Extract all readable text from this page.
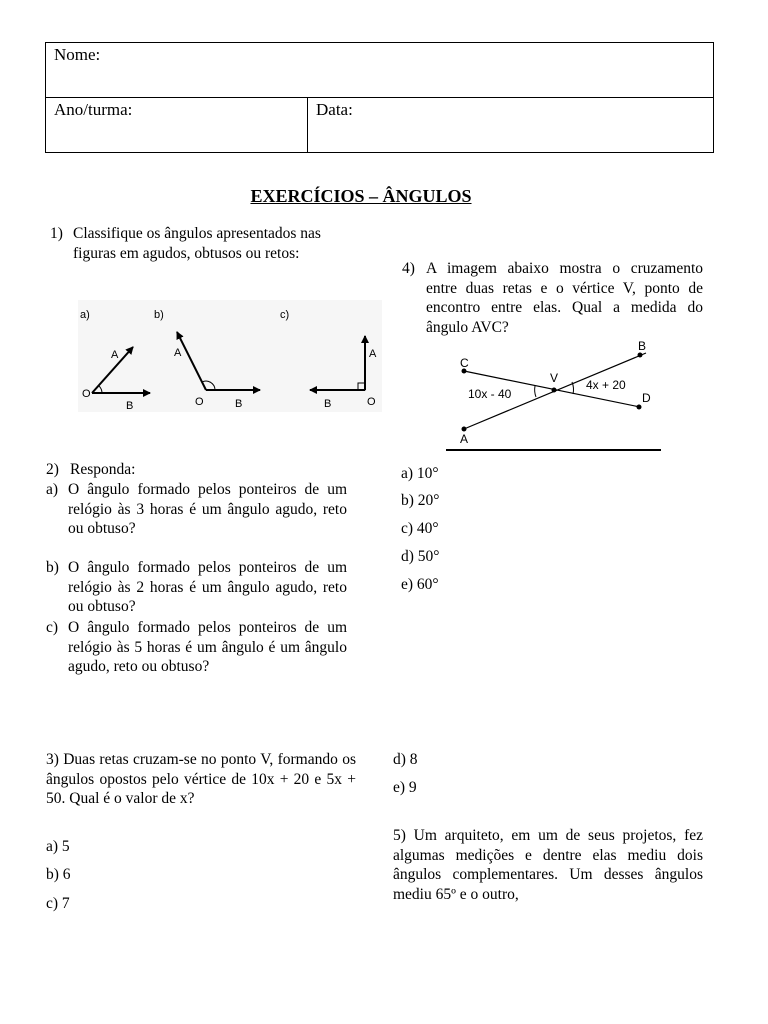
Nome:
Ano/turma:	Data:
EXERCÍCIOS – ÂNGULOS
1) Classifique os ângulos apresentados nas figuras em agudos, obtusos ou retos:
a)
O
B
A
b)
O	B
A
c)
O
B
A
2) Responda:
a) O ângulo formado pelos ponteiros de um relógio às 3 horas é um ângulo agudo, reto ou obtuso?
b) O ângulo formado pelos ponteiros de um relógio às 2 horas é um ângulo agudo, reto ou obtuso?
c) O ângulo formado pelos ponteiros de um relógio às 5 horas é um ângulo é um ângulo agudo, reto ou obtuso?
3) Duas retas cruzam-se no ponto V, formando os ângulos opostos pelo vértice de 10x + 20 e 5x + 50. Qual é o valor de x?
a) 5
b) 6
c) 7
d) 8
e) 9
4) A imagem abaixo mostra o cruzamento entre duas retas e o vértice V, ponto de encontro entre elas. Qual a medida do ângulo AVC?
C
B
V
D
A
10x - 40
4x + 20
a) 10°
b) 20°
c) 40°
d) 50°
e) 60°
5) Um arquiteto, em um de seus projetos, fez algumas medições e dentre elas mediu dois ângulos complementares. Um desses ângulos mediu 65º e o outro,
